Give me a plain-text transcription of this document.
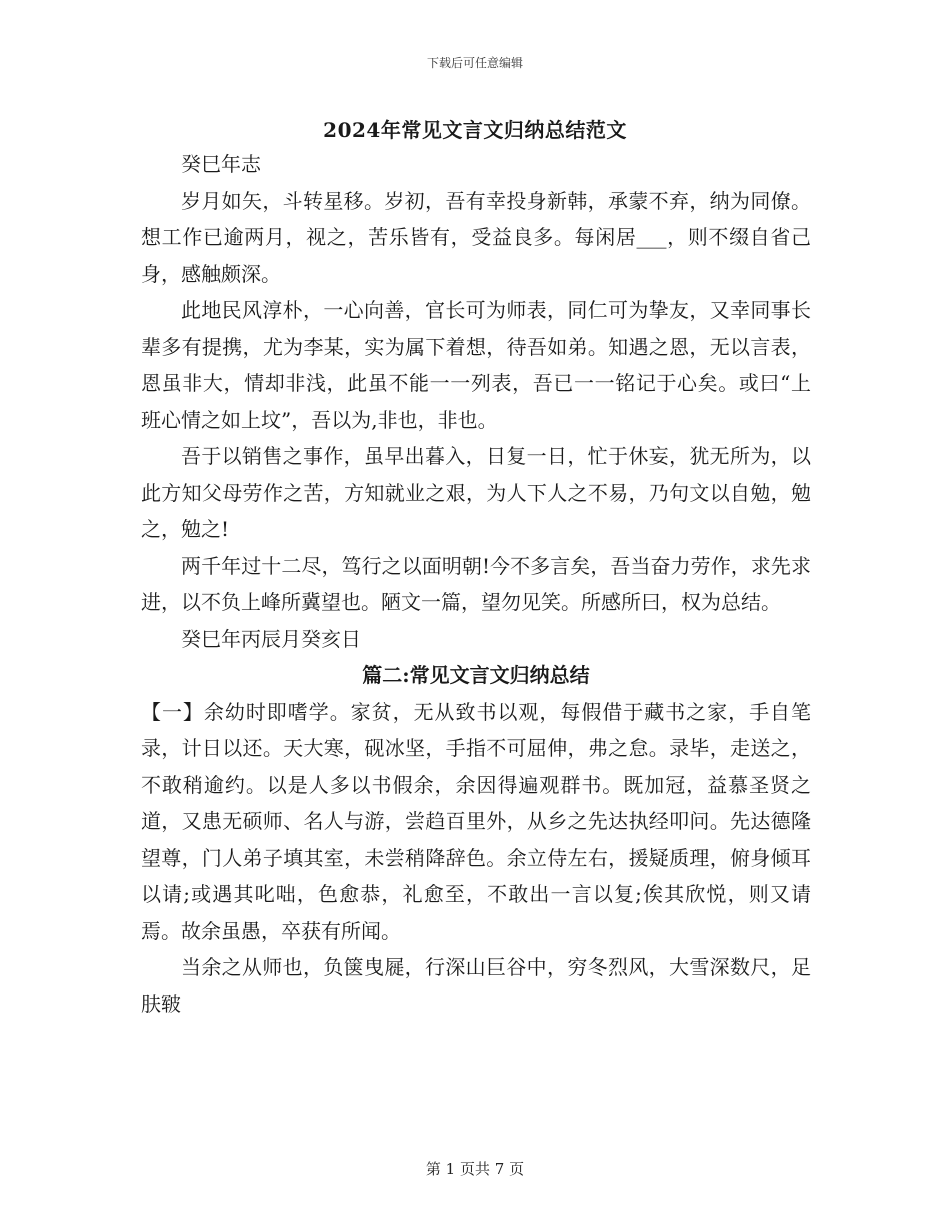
下载后可任意编辑
2024年常见文言文归纳总结范文

癸巳年志

岁月如矢，斗转星移。岁初，吾有幸投身新韩，承蒙不弃，纳为同僚。想工作已逾两月，视之，苦乐皆有，受益良多。每闲居___，则不缀自省己身，感触颇深。

此地民风淳朴，一心向善，官长可为师表，同仁可为挚友，又幸同事长辈多有提携，尤为李某，实为属下着想，待吾如弟。知遇之恩，无以言表，恩虽非大，情却非浅，此虽不能一一列表，吾已一一铭记于心矣。或曰“上班心情之如上坟”，吾以为,非也，非也。

吾于以销售之事作，虽早出暮入，日复一日，忙于休妄，犹无所为，以此方知父母劳作之苦，方知就业之艰，为人下人之不易，乃句文以自勉，勉之，勉之!

两千年过十二尽，笃行之以面明朝!今不多言矣，吾当奋力劳作，求先求进，以不负上峰所冀望也。陋文一篇，望勿见笑。所感所曰，权为总结。

癸巳年丙辰月癸亥日

篇二:常见文言文归纳总结

【一】余幼时即嗜学。家贫，无从致书以观，每假借于藏书之家，手自笔录，计日以还。天大寒，砚冰坚，手指不可屈伸，弗之怠。录毕，走送之，不敢稍逾约。以是人多以书假余，余因得遍观群书。既加冠，益慕圣贤之道，又患无硕师、名人与游，尝趋百里外，从乡之先达执经叩问。先达德隆望尊，门人弟子填其室，未尝稍降辞色。余立侍左右，援疑质理，俯身倾耳以请;或遇其叱咄，色愈恭，礼愈至，不敢出一言以复;俟其欣悦，则又请焉。故余虽愚，卒获有所闻。

当余之从师也，负箧曳屣，行深山巨谷中，穷冬烈风，大雪深数尺，足肤皲

第 1 页共 7 页
